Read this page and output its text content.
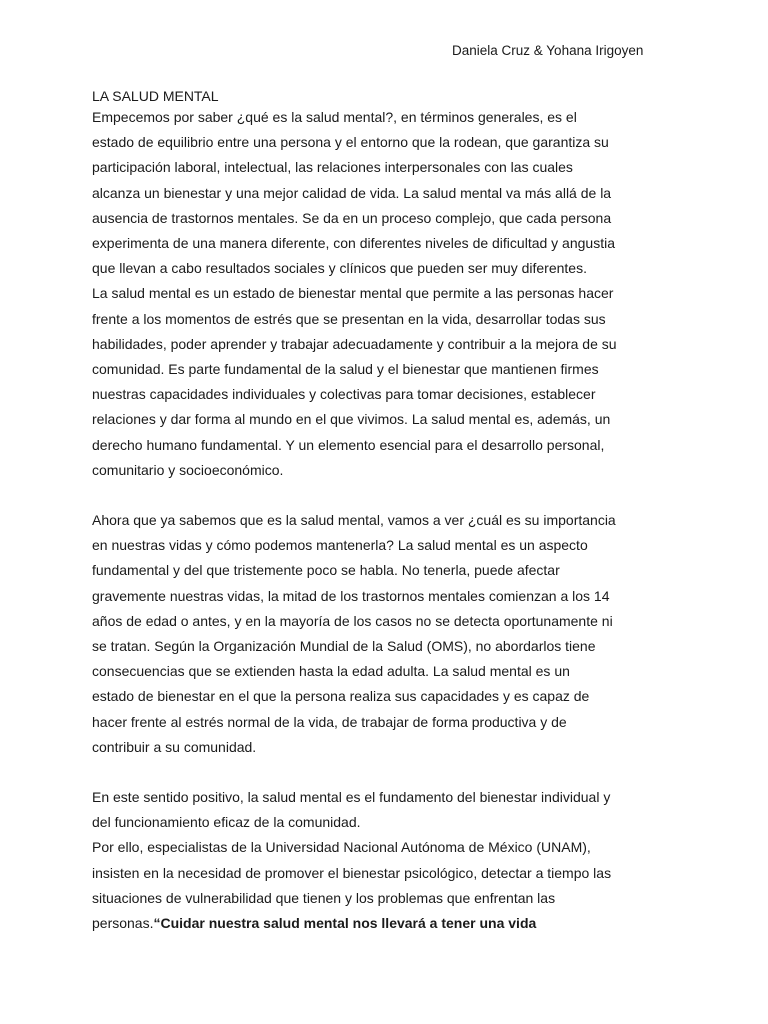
Daniela Cruz & Yohana Irigoyen
LA SALUD MENTAL
Empecemos por saber ¿qué es la salud mental?, en términos generales, es el
estado de equilibrio entre una persona y el entorno que la rodean, que garantiza su
participación laboral, intelectual, las relaciones interpersonales con las cuales
alcanza un bienestar y una mejor calidad de vida. La salud mental va más allá de la
ausencia de trastornos mentales. Se da en un proceso complejo, que cada persona
experimenta de una manera diferente, con diferentes niveles de dificultad y angustia
que llevan a cabo resultados sociales y clínicos que pueden ser muy diferentes.
La salud mental es un estado de bienestar mental que permite a las personas hacer
frente a los momentos de estrés que se presentan en la vida, desarrollar todas sus
habilidades, poder aprender y trabajar adecuadamente y contribuir a la mejora de su
comunidad. Es parte fundamental de la salud y el bienestar que mantienen firmes
nuestras capacidades individuales y colectivas para tomar decisiones, establecer
relaciones y dar forma al mundo en el que vivimos. La salud mental es, además, un
derecho humano fundamental. Y un elemento esencial para el desarrollo personal,
comunitario y socioeconómico.
Ahora que ya sabemos que es la salud mental, vamos a ver ¿cuál es su importancia
en nuestras vidas y cómo podemos mantenerla? La salud mental es un aspecto
fundamental y del que tristemente poco se habla. No tenerla, puede afectar
gravemente nuestras vidas, la mitad de los trastornos mentales comienzan a los 14
años de edad o antes, y en la mayoría de los casos no se detecta oportunamente ni
se tratan. Según la Organización Mundial de la Salud (OMS), no abordarlos tiene
consecuencias que se extienden hasta la edad adulta. La salud mental es un
estado de bienestar en el que la persona realiza sus capacidades y es capaz de
hacer frente al estrés normal de la vida, de trabajar de forma productiva y de
contribuir a su comunidad.
En este sentido positivo, la salud mental es el fundamento del bienestar individual y
del funcionamiento eficaz de la comunidad.
Por ello, especialistas de la Universidad Nacional Autónoma de México (UNAM),
insisten en la necesidad de promover el bienestar psicológico, detectar a tiempo las
situaciones de vulnerabilidad que tienen y los problemas que enfrentan las
personas.“Cuidar nuestra salud mental nos llevará a tener una vida
